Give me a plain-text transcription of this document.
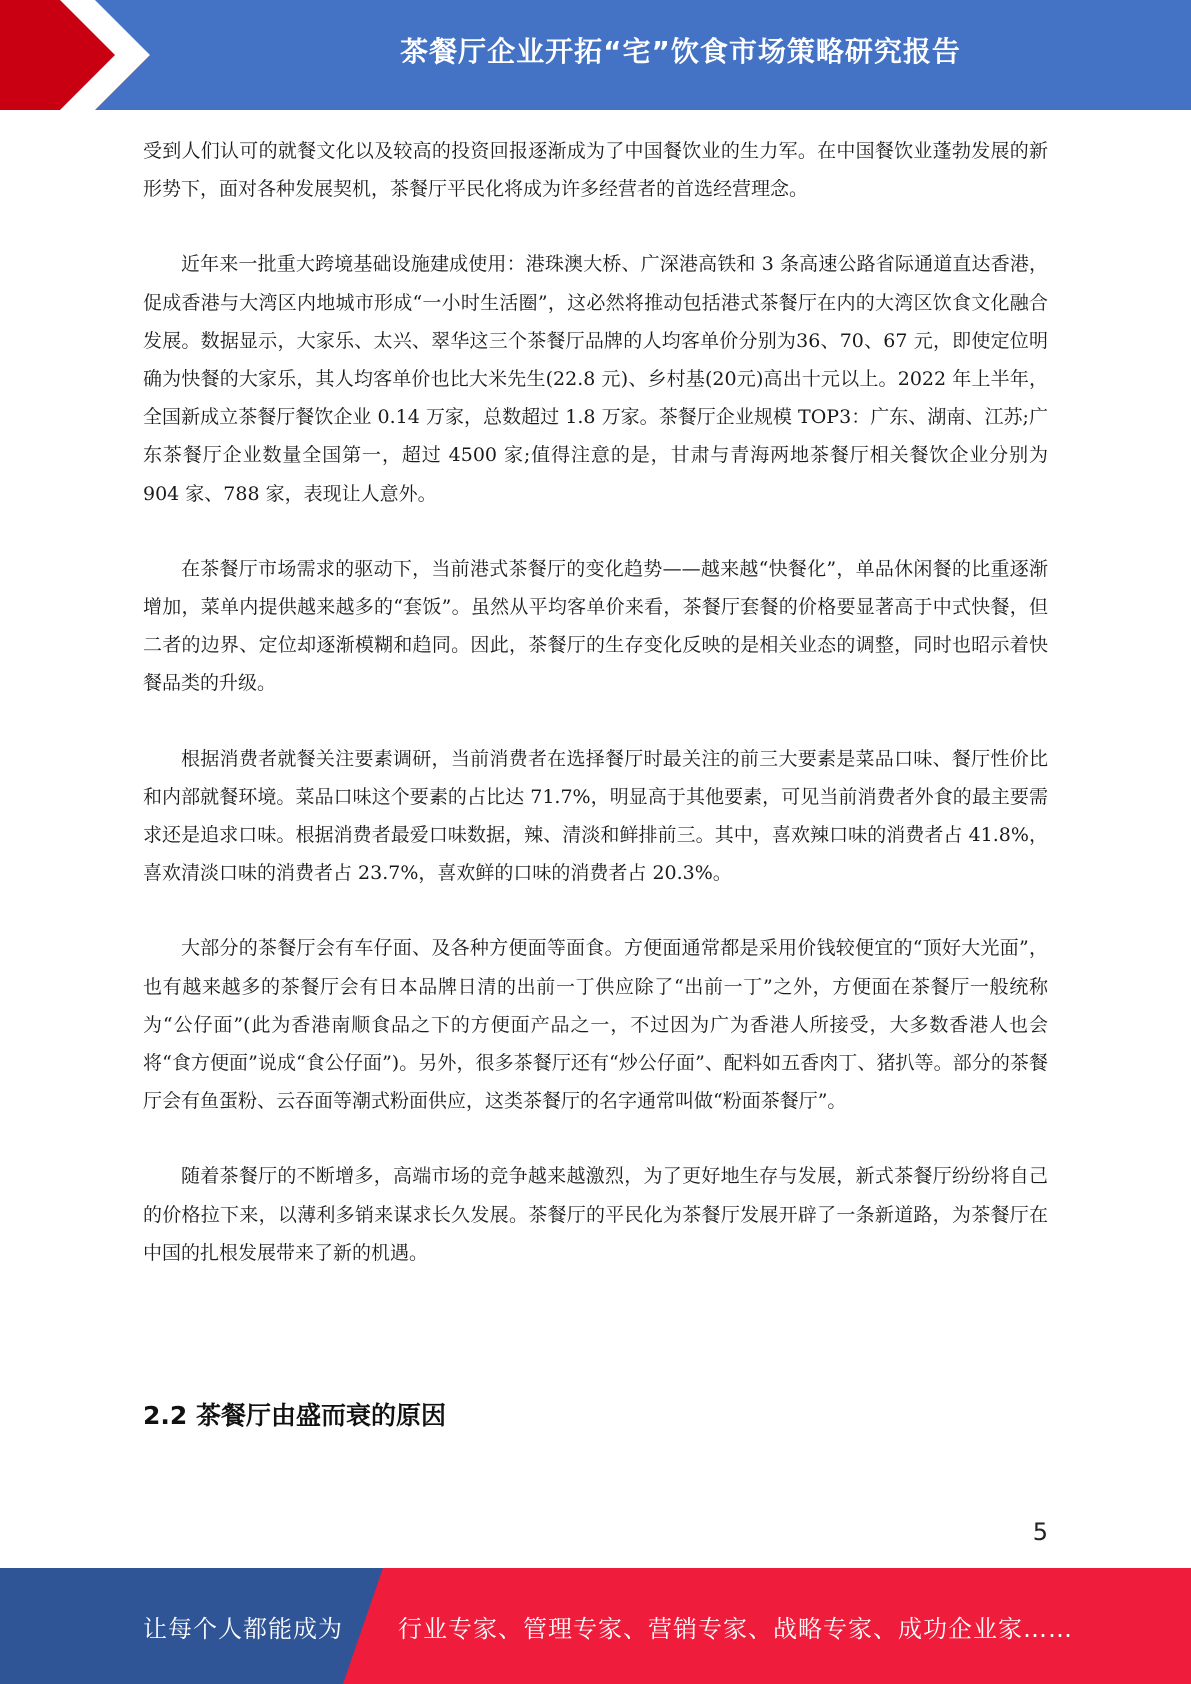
茶餐厅企业开拓“宅”饮食市场策略研究报告

受到人们认可的就餐文化以及较高的投资回报逐渐成为了中国餐饮业的生力军。在中国餐饮业蓬勃发展的新形势下，面对各种发展契机，茶餐厅平民化将成为许多经营者的首选经营理念。

近年来一批重大跨境基础设施建成使用：港珠澳大桥、广深港高铁和 3 条高速公路省际通道直达香港，促成香港与大湾区内地城市形成“一小时生活圈”，这必然将推动包括港式茶餐厅在内的大湾区饮食文化融合发展。数据显示，大家乐、太兴、翠华这三个茶餐厅品牌的人均客单价分别为36、70、67 元，即使定位明确为快餐的大家乐，其人均客单价也比大米先生(22.8 元)、乡村基(20元)高出十元以上。2022 年上半年，全国新成立茶餐厅餐饮企业 0.14 万家，总数超过 1.8 万家。茶餐厅企业规模 TOP3：广东、湖南、江苏;广东茶餐厅企业数量全国第一，超过 4500 家;值得注意的是，甘肃与青海两地茶餐厅相关餐饮企业分别为 904 家、788 家，表现让人意外。

在茶餐厅市场需求的驱动下，当前港式茶餐厅的变化趋势——越来越“快餐化”，单品休闲餐的比重逐渐增加，菜单内提供越来越多的“套饭”。虽然从平均客单价来看，茶餐厅套餐的价格要显著高于中式快餐，但二者的边界、定位却逐渐模糊和趋同。因此，茶餐厅的生存变化反映的是相关业态的调整，同时也昭示着快餐品类的升级。

根据消费者就餐关注要素调研，当前消费者在选择餐厅时最关注的前三大要素是菜品口味、餐厅性价比和内部就餐环境。菜品口味这个要素的占比达 71.7%，明显高于其他要素，可见当前消费者外食的最主要需求还是追求口味。根据消费者最爱口味数据，辣、清淡和鲜排前三。其中，喜欢辣口味的消费者占 41.8%，喜欢清淡口味的消费者占 23.7%，喜欢鲜的口味的消费者占 20.3%。

大部分的茶餐厅会有车仔面、及各种方便面等面食。方便面通常都是采用价钱较便宜的“顶好大光面”，也有越来越多的茶餐厅会有日本品牌日清的出前一丁供应除了“出前一丁”之外，方便面在茶餐厅一般统称为“公仔面”(此为香港南顺食品之下的方便面产品之一，不过因为广为香港人所接受，大多数香港人也会将“食方便面”说成“食公仔面”)。另外，很多茶餐厅还有“炒公仔面”、配料如五香肉丁、猪扒等。部分的茶餐厅会有鱼蛋粉、云吞面等潮式粉面供应，这类茶餐厅的名字通常叫做“粉面茶餐厅”。

随着茶餐厅的不断增多，高端市场的竞争越来越激烈，为了更好地生存与发展，新式茶餐厅纷纷将自己的价格拉下来，以薄利多销来谋求长久发展。茶餐厅的平民化为茶餐厅发展开辟了一条新道路，为茶餐厅在中国的扎根发展带来了新的机遇。

2.2 茶餐厅由盛而衰的原因
5
让每个人都能成为 行业专家、管理专家、营销专家、战略专家、成功企业家……
